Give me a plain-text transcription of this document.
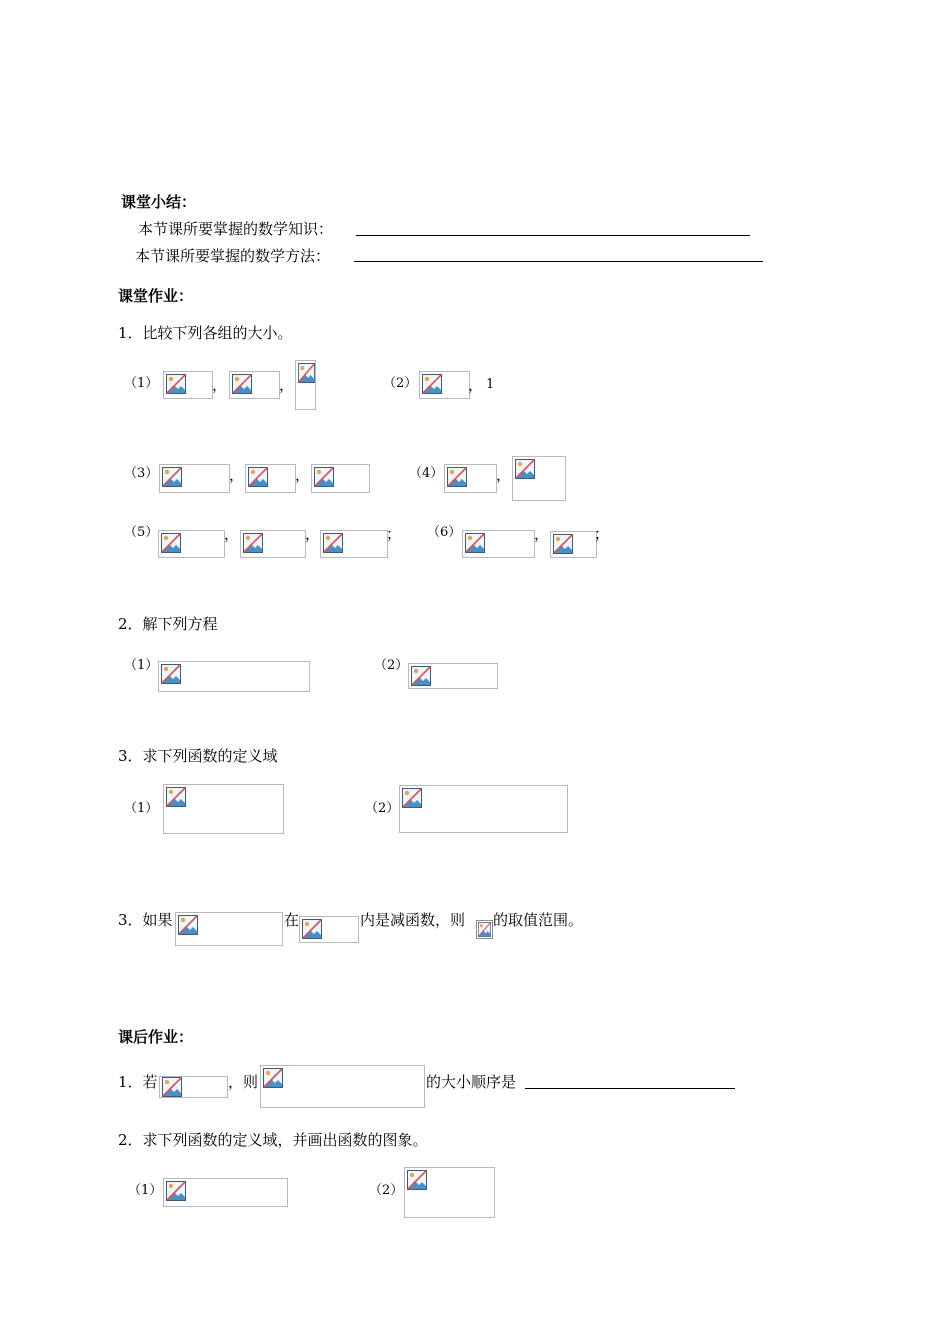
课堂小结：
本节课所要掌握的数学知识：
本节课所要掌握的数学方法：
课堂作业：
1．比较下列各组的大小。
（1）	，	，	（2）	， 1
（3）	，	，	（4）	，
（5）	，	，	； （6）	，	；
2．解下列方程
（1）	（2）
3．求下列函数的定义域
（1）	（2）
3．如果	在	内是减函数，则 的取值范围。
课后作业：
1．若	，则	的大小顺序是
2．求下列函数的定义域，并画出函数的图象。
（1）	（2）
